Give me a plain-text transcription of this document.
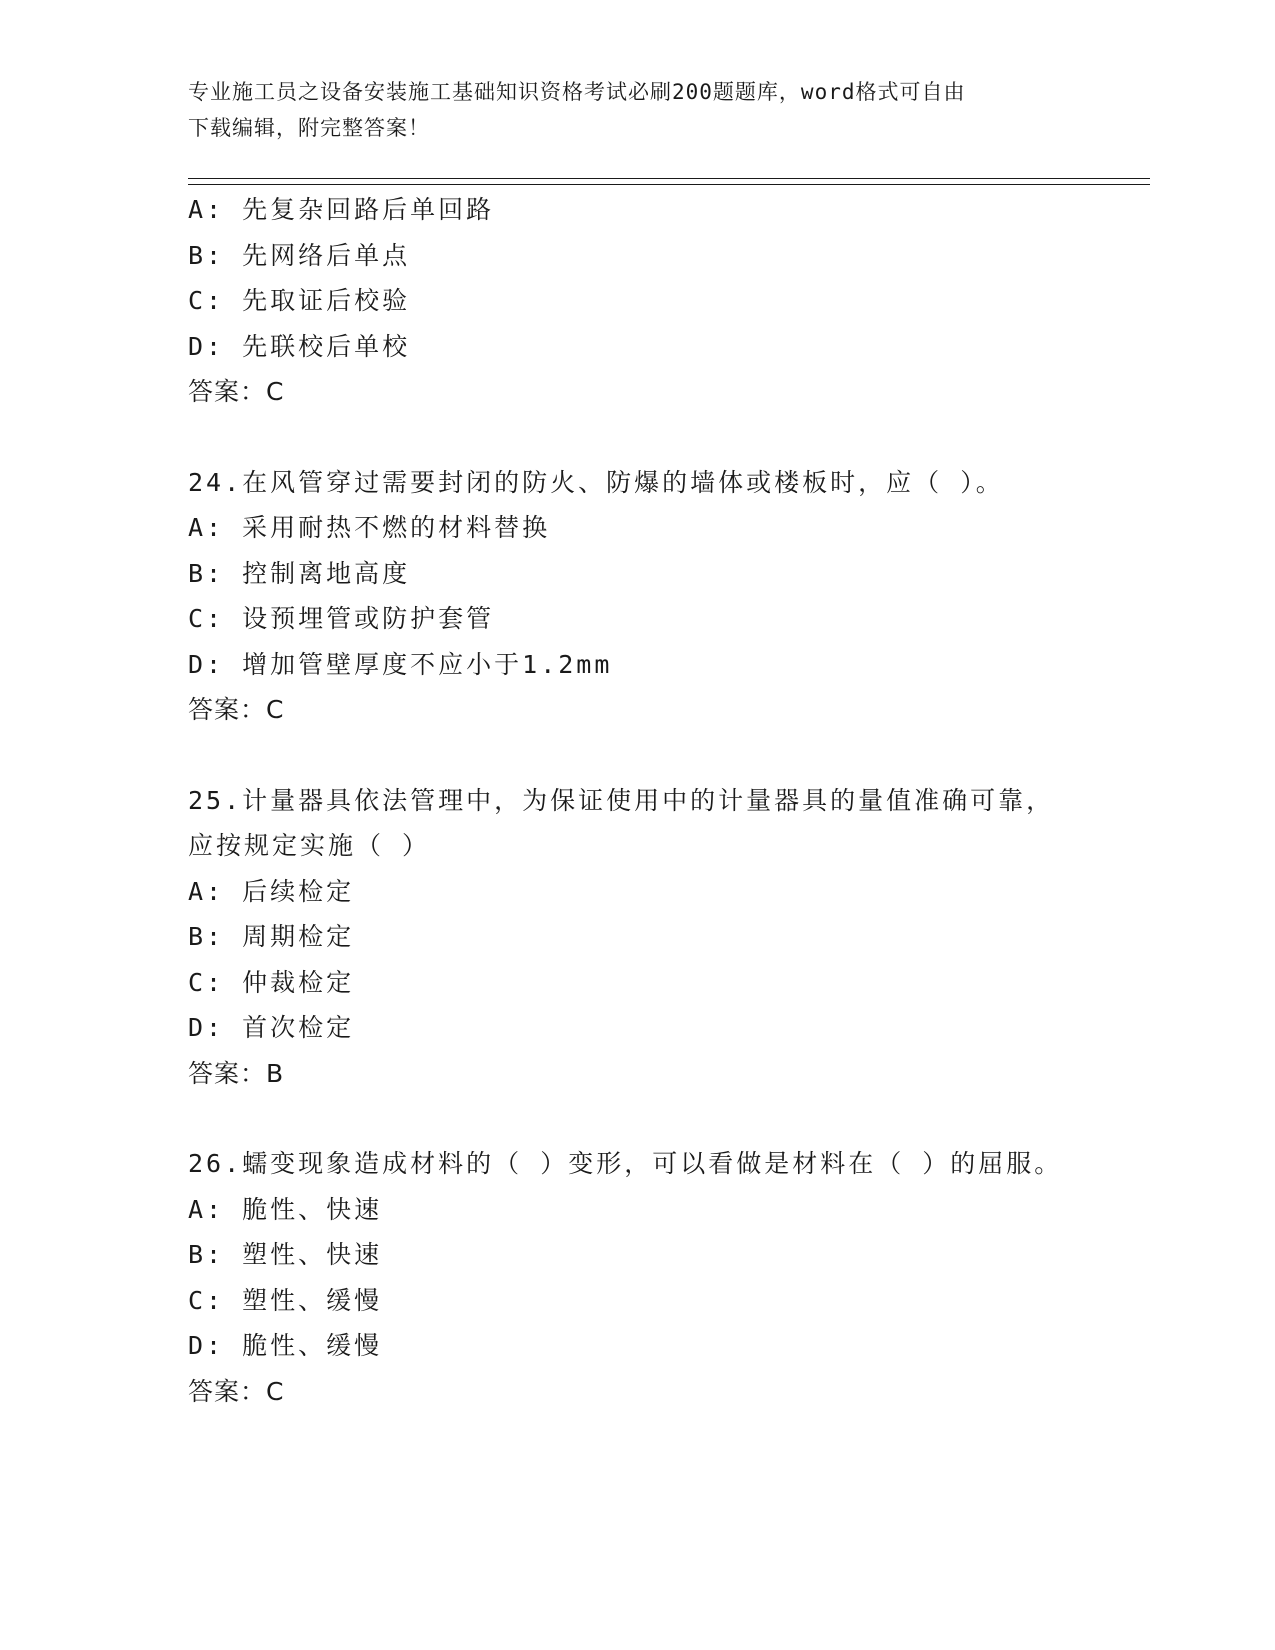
专业施工员之设备安装施工基础知识资格考试必刷200题题库，word格式可自由
下载编辑，附完整答案！
A: 先复杂回路后单回路
B: 先网络后单点
C: 先取证后校验
D: 先联校后单校
答案：C
24.在风管穿过需要封闭的防火、防爆的墙体或楼板时，应（ ）。
A: 采用耐热不燃的材料替换
B: 控制离地高度
C: 设预埋管或防护套管
D: 增加管壁厚度不应小于1.2mm
答案：C
25.计量器具依法管理中，为保证使用中的计量器具的量值准确可靠，
应按规定实施（ ）
A: 后续检定
B: 周期检定
C: 仲裁检定
D: 首次检定
答案：B
26.蠕变现象造成材料的（ ）变形，可以看做是材料在（ ）的屈服。
A: 脆性、快速
B: 塑性、快速
C: 塑性、缓慢
D: 脆性、缓慢
答案：C
